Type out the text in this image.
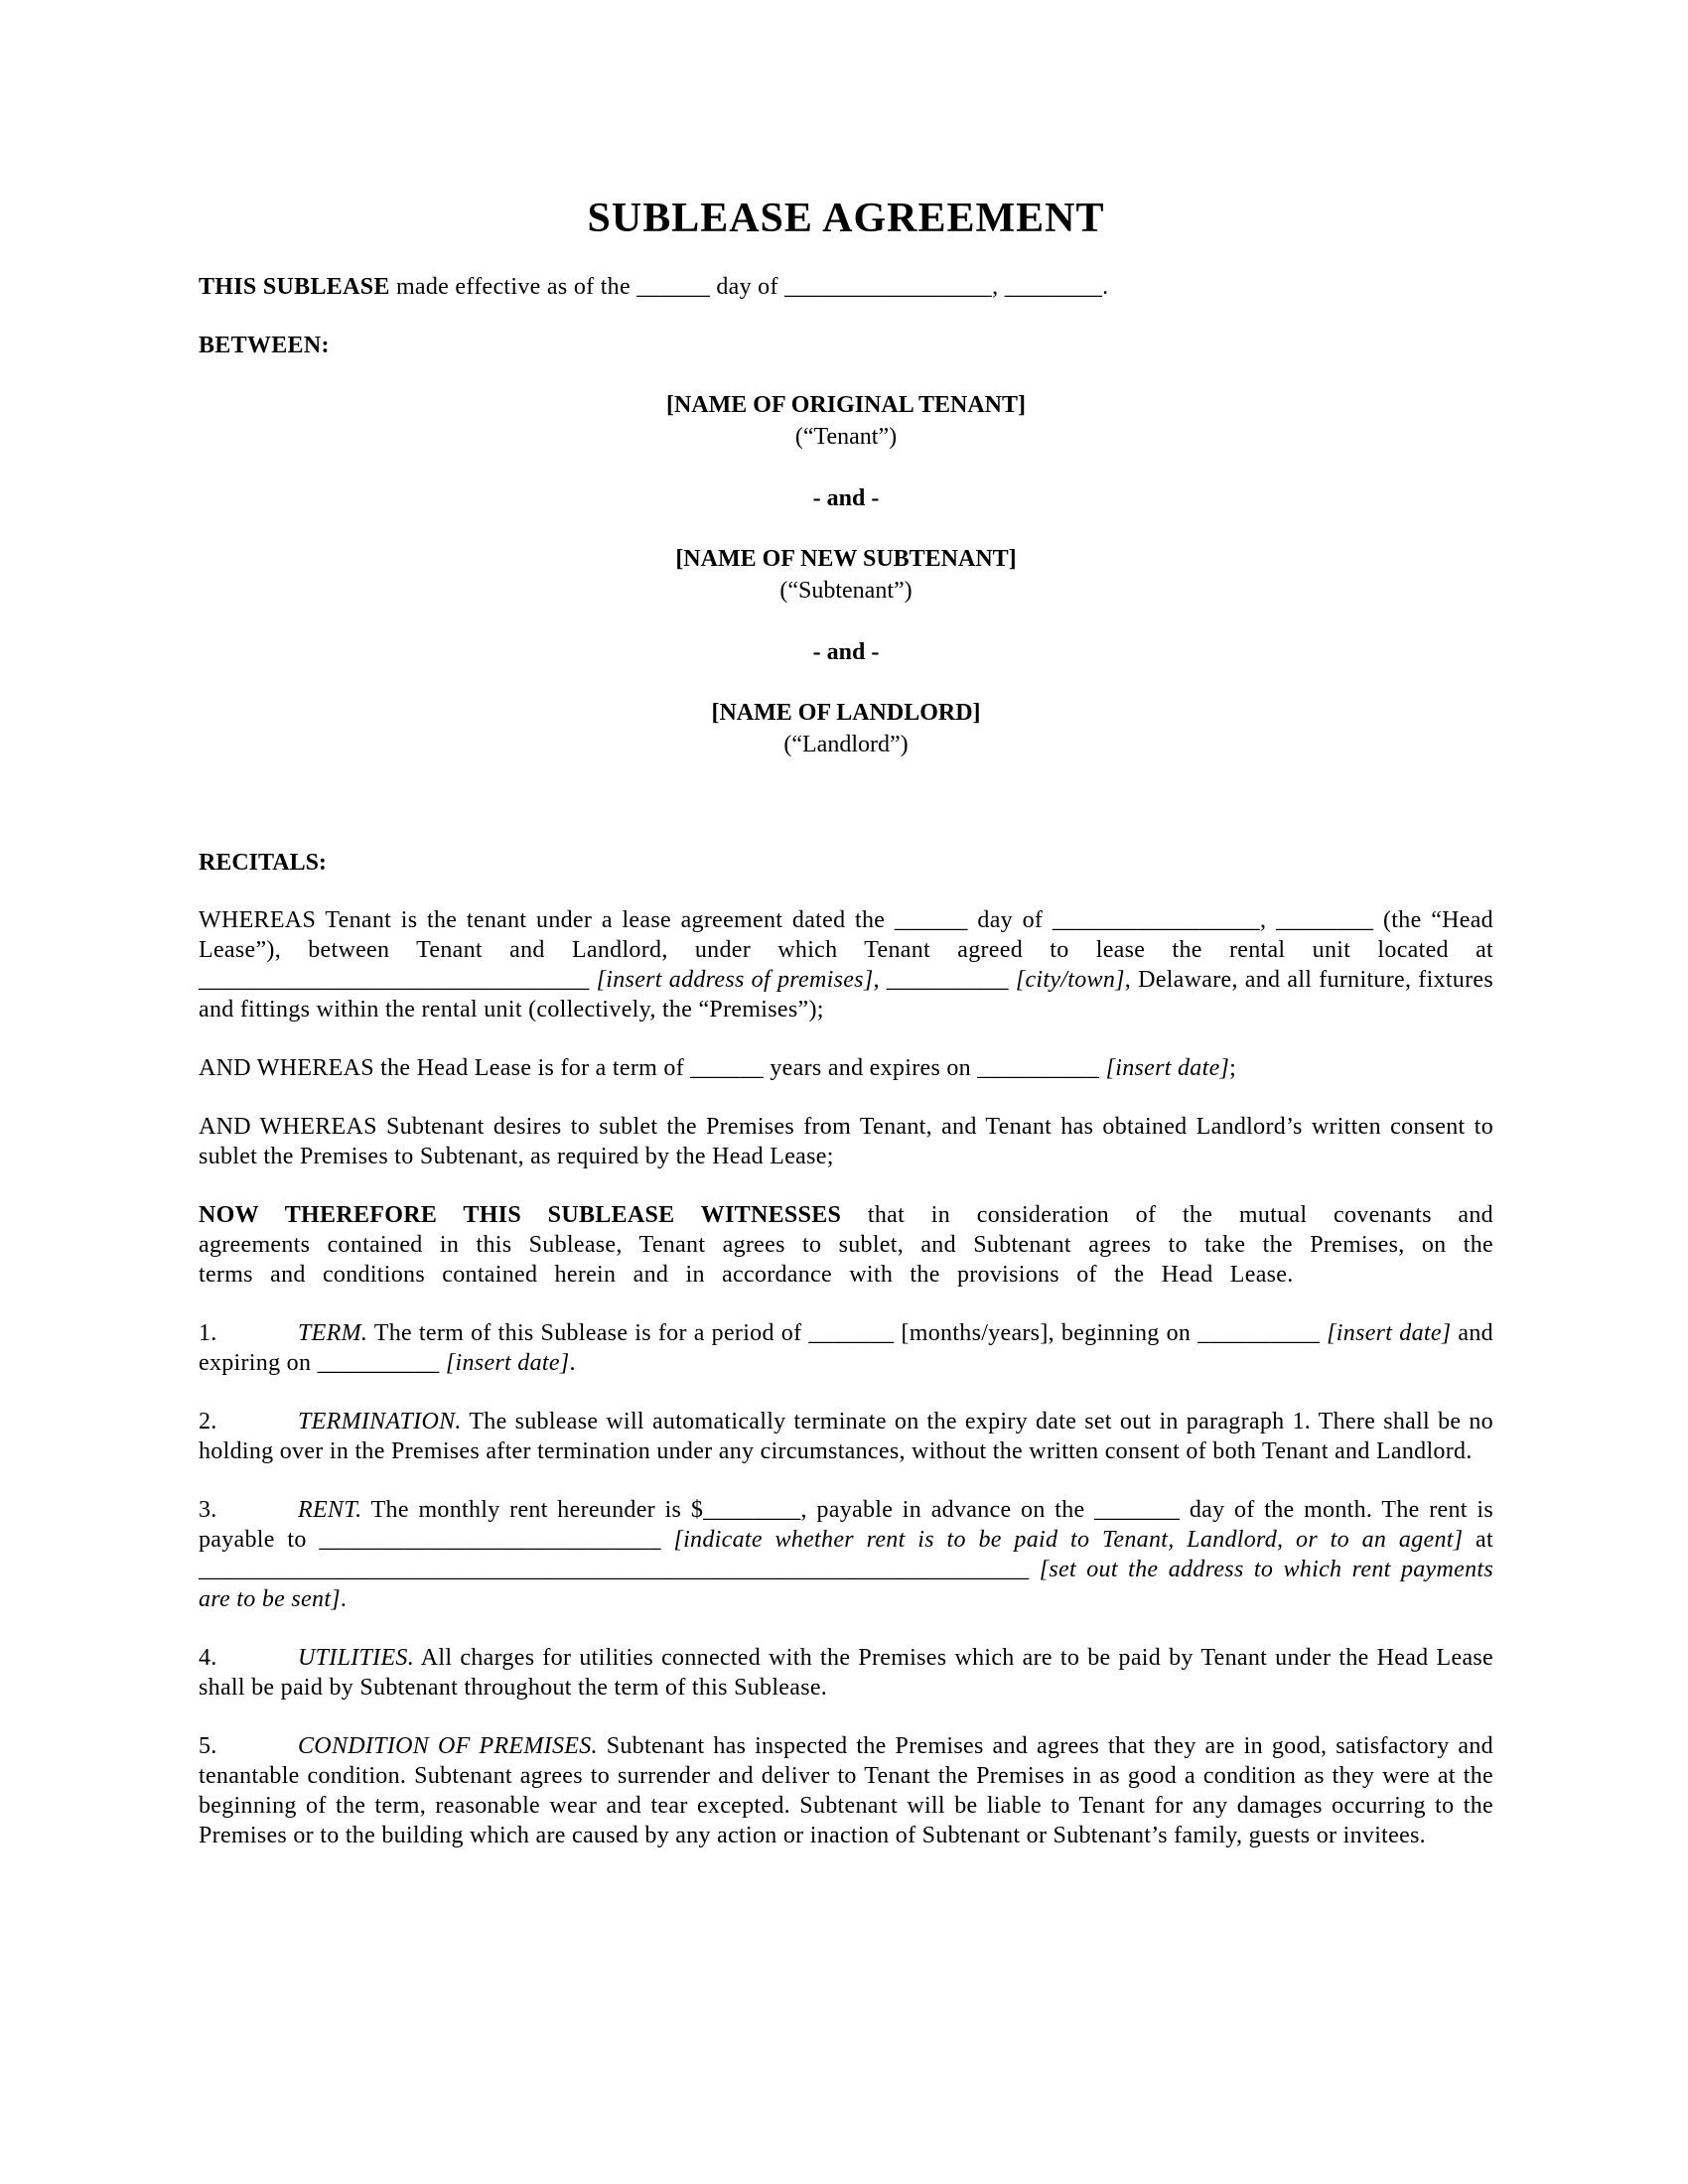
SUBLEASE AGREEMENT

THIS SUBLEASE made effective as of the ______ day of _________________, ________.

BETWEEN:

[NAME OF ORIGINAL TENANT]
(“Tenant”)
- and -
[NAME OF NEW SUBTENANT]
(“Subtenant”)
- and -
[NAME OF LANDLORD]
(“Landlord”)
RECITALS:

WHEREAS Tenant is the tenant under a lease agreement dated the ______ day of _________________, ________ (the “Head Lease”), between Tenant and Landlord, under which Tenant agreed to lease the rental unit located at ________________________________ [insert address of premises], __________ [city/town], Delaware, and all furniture, fixtures and fittings within the rental unit (collectively, the “Premises”);

AND WHEREAS the Head Lease is for a term of ______ years and expires on __________ [insert date];

AND WHEREAS Subtenant desires to sublet the Premises from Tenant, and Tenant has obtained Landlord’s written consent to sublet the Premises to Subtenant, as required by the Head Lease;

NOW THEREFORE THIS SUBLEASE WITNESSES that in consideration of the mutual covenants and agreements contained in this Sublease, Tenant agrees to sublet, and Subtenant agrees to take the Premises, on the terms and conditions contained herein and in accordance with the provisions of the Head Lease.

1.	TERM. The term of this Sublease is for a period of _______ [months/years], beginning on __________ [insert date] and expiring on __________ [insert date].

2.	TERMINATION. The sublease will automatically terminate on the expiry date set out in paragraph 1. There shall be no holding over in the Premises after termination under any circumstances, without the written consent of both Tenant and Landlord.

3.	RENT. The monthly rent hereunder is $________, payable in advance on the _______ day of the month. The rent is payable to ____________________________ [indicate whether rent is to be paid to Tenant, Landlord, or to an agent] at ____________________________________________________________________ [set out the address to which rent payments are to be sent].

4.	UTILITIES. All charges for utilities connected with the Premises which are to be paid by Tenant under the Head Lease shall be paid by Subtenant throughout the term of this Sublease.

5.	CONDITION OF PREMISES. Subtenant has inspected the Premises and agrees that they are in good, satisfactory and tenantable condition. Subtenant agrees to surrender and deliver to Tenant the Premises in as good a condition as they were at the beginning of the term, reasonable wear and tear excepted. Subtenant will be liable to Tenant for any damages occurring to the Premises or to the building which are caused by any action or inaction of Subtenant or Subtenant’s family, guests or invitees.
